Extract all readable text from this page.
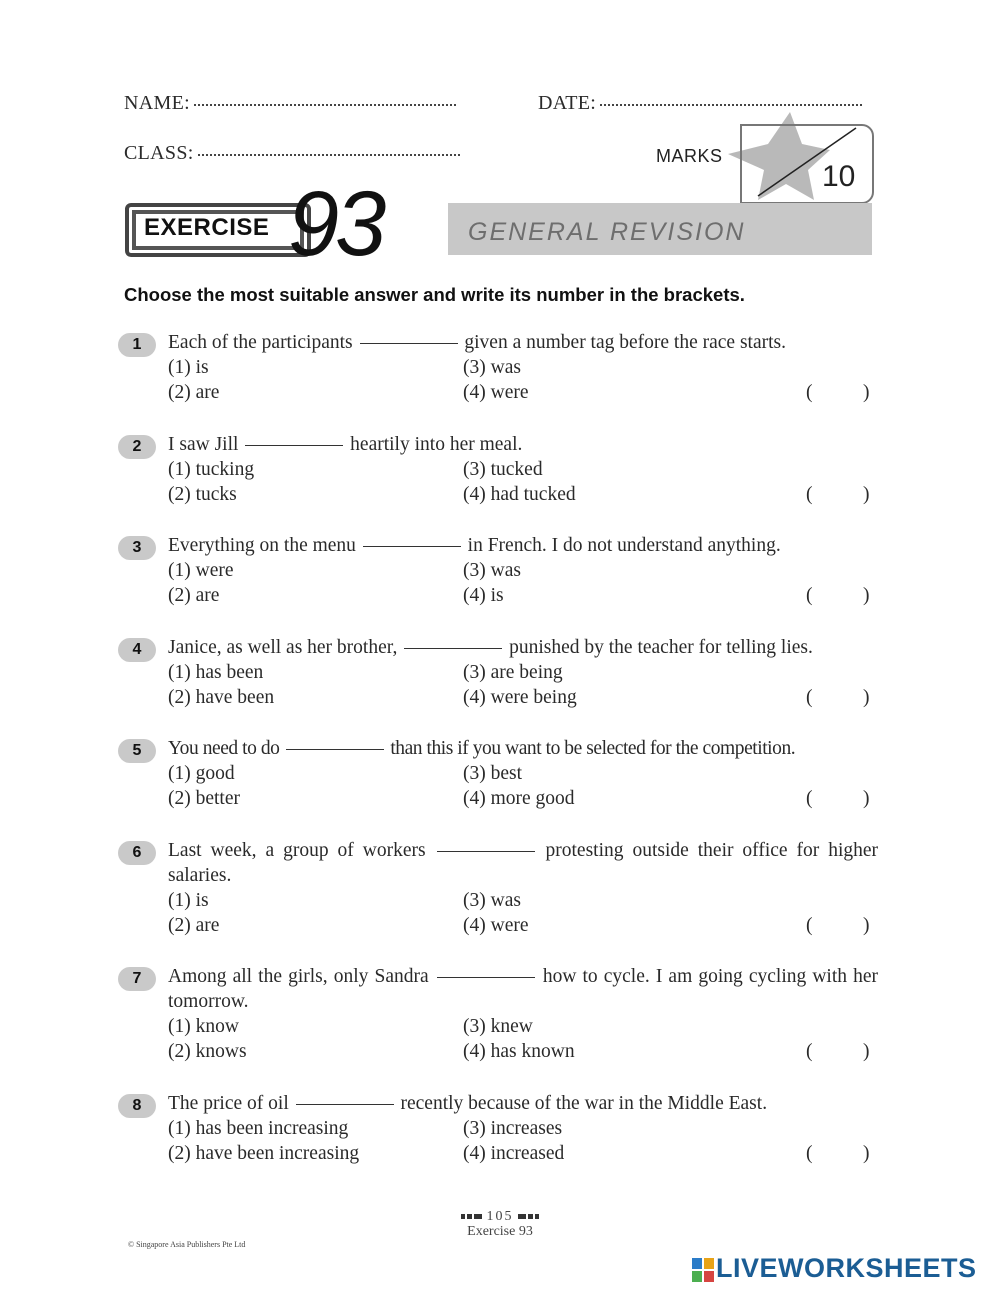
NAME:	DATE:
CLASS:	MARKS
10
GENERAL REVISION
EXERCISE 93
Choose the most suitable answer and write its number in the brackets.
1	Each of the participants	given a number tag before the race starts.
(1) is	(3) was
(2) are	(4) were	(	)
2	I saw Jill	heartily into her meal.
(1) tucking	(3) tucked
(2) tucks	(4) had tucked	(	)
3	Everything on the menu	in French. I do not understand anything.
(1) were	(3) was
(2) are	(4) is	(	)
4	Janice, as well as her brother,	punished by the teacher for telling lies.
(1) has been	(3) are being
(2) have been	(4) were being	(	)
5	You need to do	than this if you want to be selected for the competition.
(1) good	(3) best
(2) better	(4) more good	(	)
6	Last week, a group of workers	protesting outside their office for higher salaries.
(1) is	(3) was
(2) are	(4) were	(	)
7	Among all the girls, only Sandra	how to cycle. I am going cycling with her tomorrow.
(1) know	(3) knew
(2) knows	(4) has known	(	)
8	The price of oil	recently because of the war in the Middle East.
(1) has been increasing	(3) increases
(2) have been increasing	(4) increased	(	)
105
Exercise 93
© Singapore Asia Publishers Pte Ltd
LIVEWORKSHEETS
